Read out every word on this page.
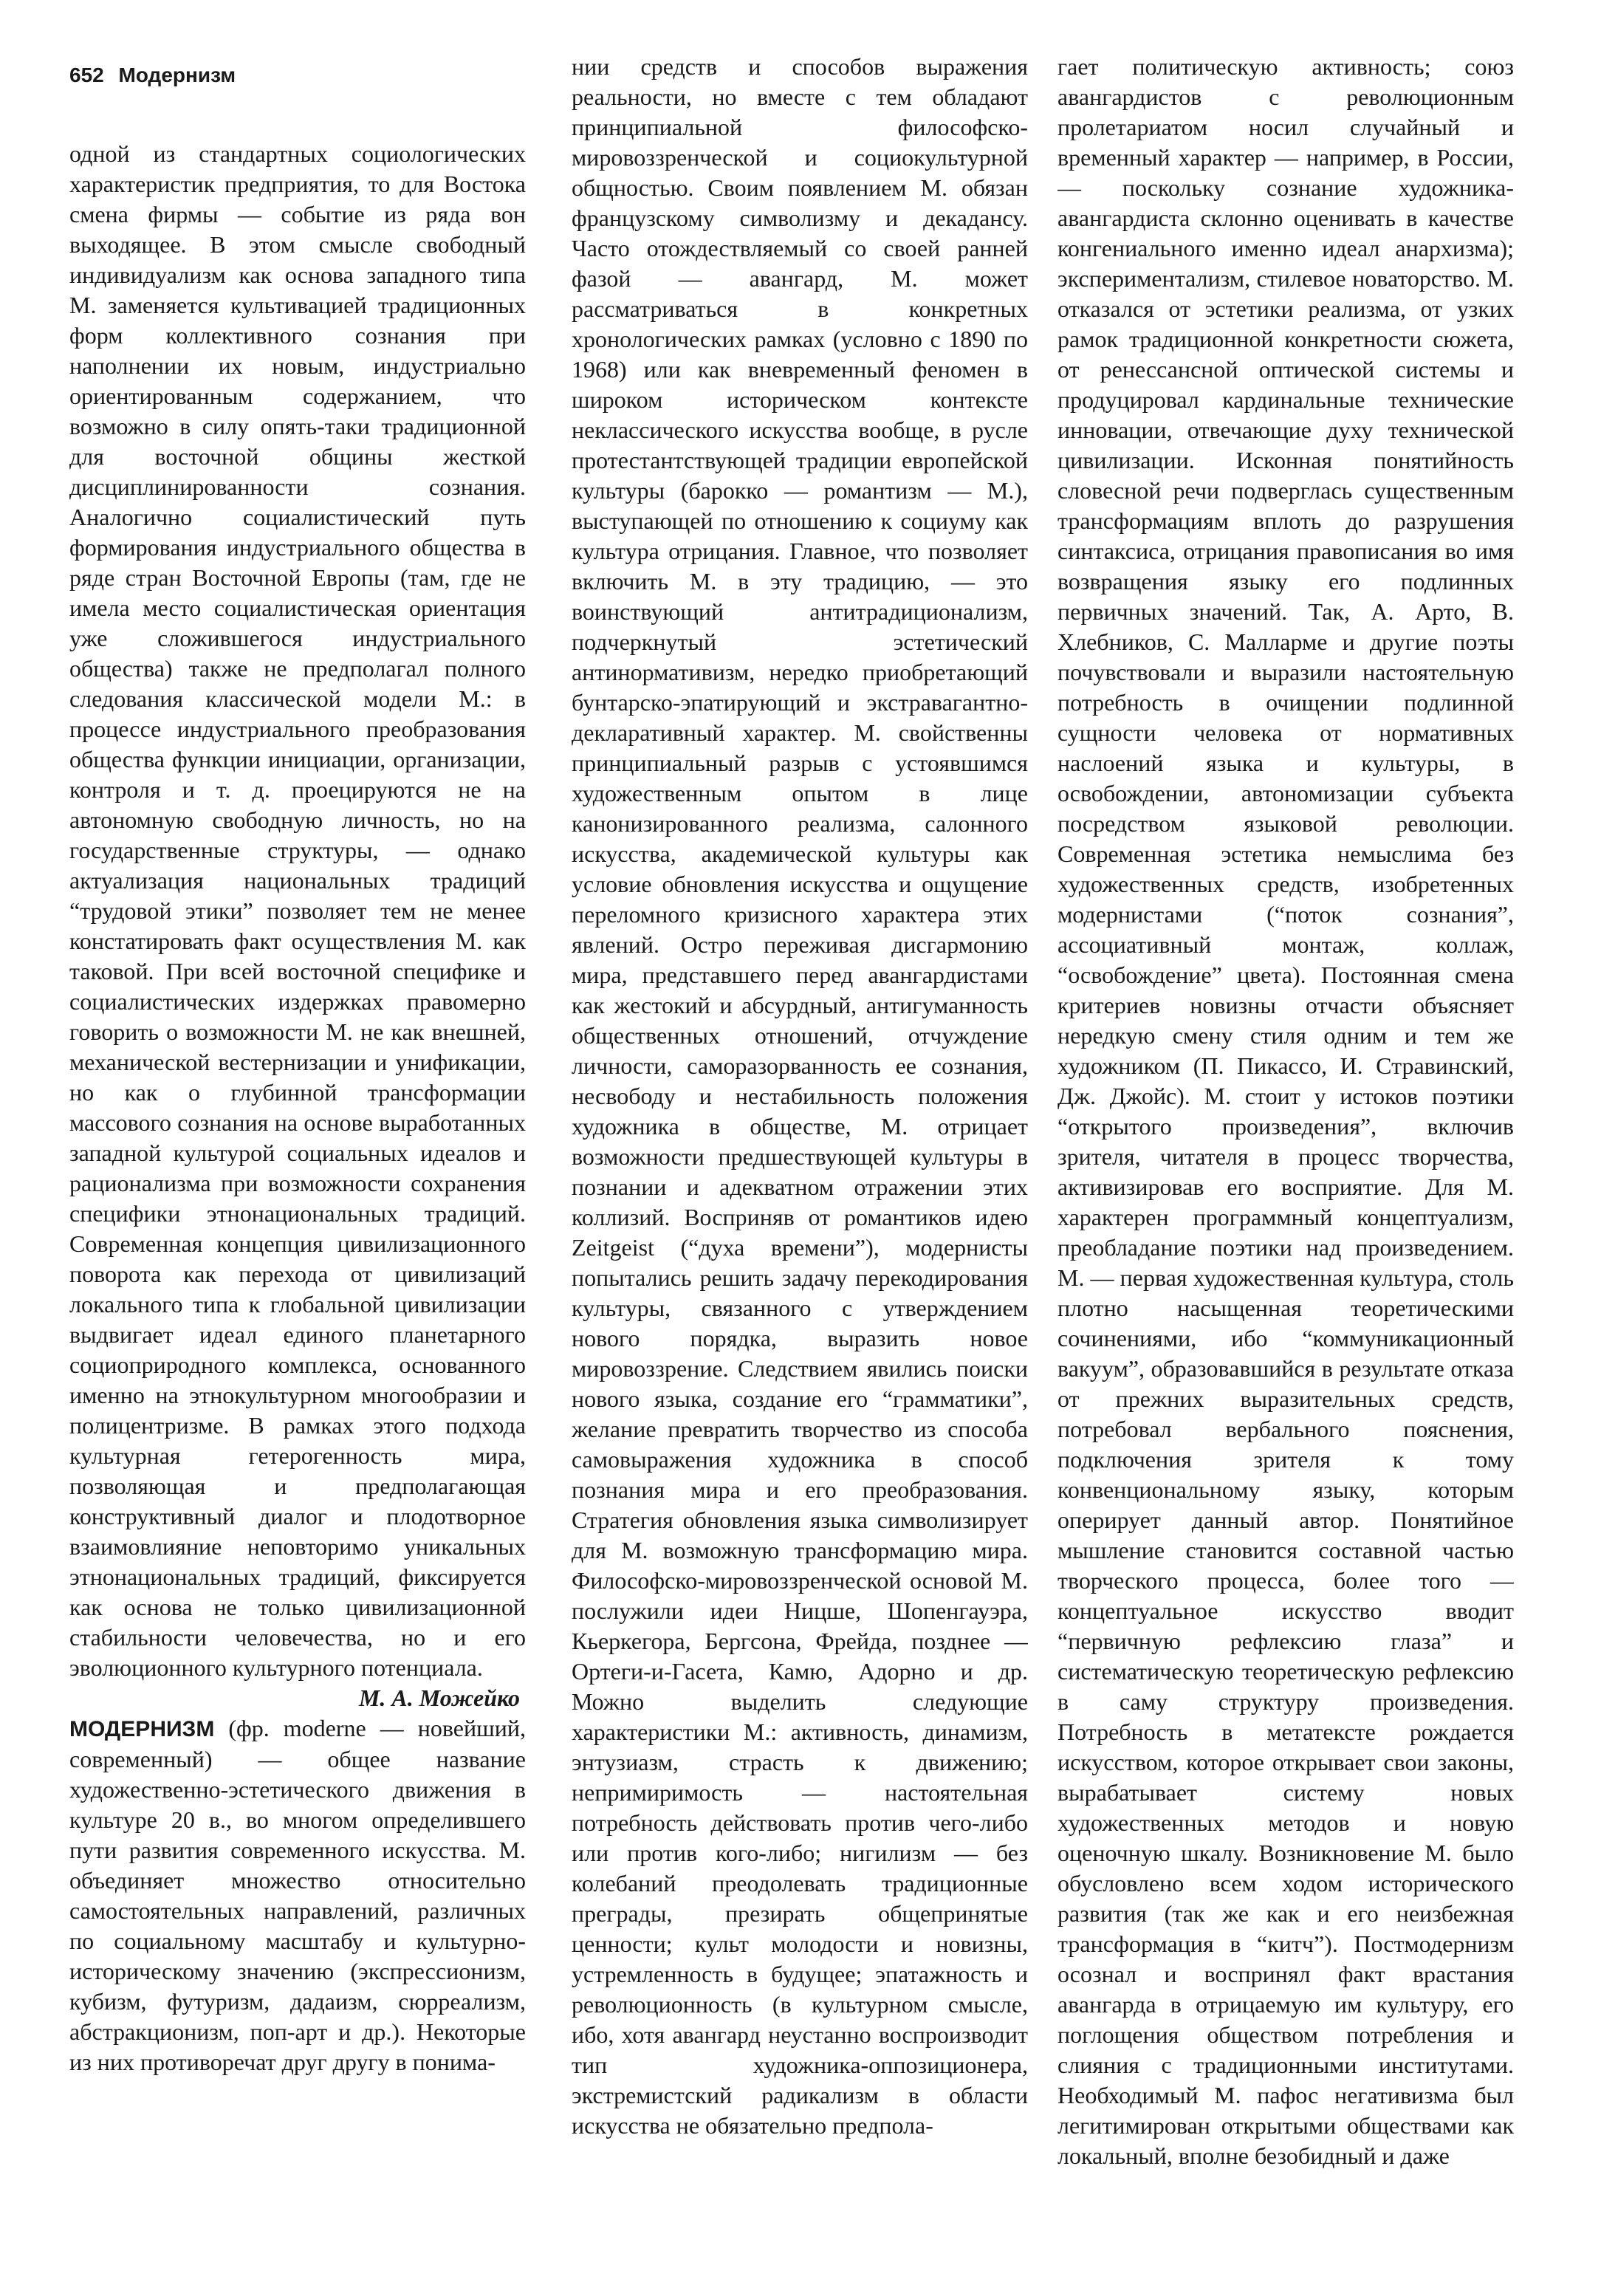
652 Модернизм

одной из стандартных социологических характеристик предприятия, то для Востока смена фирмы — событие из ряда вон выходящее. В этом смысле свободный индивидуализм как основа западного типа М. заменяется культивацией традиционных форм коллективного сознания при наполнении их новым, индустриально ориентированным содержанием, что возможно в силу опять-таки традиционной для восточной общины жесткой дисциплинированности сознания. Аналогично социалистический путь формирования индустриального общества в ряде стран Восточной Европы (там, где не имела место социалистическая ориентация уже сложившегося индустриального общества) также не предполагал полного следования классической модели М.: в процессе индустриального преобразования общества функции инициации, организации, контроля и т. д. проецируются не на автономную свободную личность, но на государственные структуры, — однако актуализация национальных традиций “трудовой этики” позволяет тем не менее констатировать факт осуществления М. как таковой. При всей восточной специфике и социалистических издержках правомерно говорить о возможности М. не как внешней, механической вестернизации и унификации, но как о глубинной трансформации массового сознания на основе выработанных западной культурой социальных идеалов и рационализма при возможности сохранения специфики этнонациональных традиций. Современная концепция цивилизационного поворота как перехода от цивилизаций локального типа к глобальной цивилизации выдвигает идеал единого планетарного социоприродного комплекса, основанного именно на этнокультурном многообразии и полицентризме. В рамках этого подхода культурная гетерогенность мира, позволяющая и предполагающая конструктивный диалог и плодотворное взаимовлияние неповторимо уникальных этнонациональных традиций, фиксируется как основа не только цивилизационной стабильности человечества, но и его эволюционного культурного потенциала.

М. А. Можейко

МОДЕРНИЗМ (фр. moderne — новейший, современный) — общее название художественно-эстетического движения в культуре 20 в., во многом определившего пути развития современного искусства. М. объединяет множество относительно самостоятельных направлений, различных по социальному масштабу и культурно-историческому значению (экспрессионизм, кубизм, футуризм, дадаизм, сюрреализм, абстракционизм, поп-арт и др.). Некоторые из них противоречат друг другу в понима-

нии средств и способов выражения реальности, но вместе с тем обладают принципиальной философско-мировоззренческой и социокультурной общностью. Своим появлением М. обязан французскому символизму и декадансу. Часто отождествляемый со своей ранней фазой — авангард, М. может рассматриваться в конкретных хронологических рамках (условно с 1890 по 1968) или как вневременный феномен в широком историческом контексте неклассического искусства вообще, в русле протестантствующей традиции европейской культуры (барокко — романтизм — М.), выступающей по отношению к социуму как культура отрицания. Главное, что позволяет включить М. в эту традицию, — это воинствующий антитрадиционализм, подчеркнутый эстетический антинормативизм, нередко приобретающий бунтарско-эпатирующий и экстравагантно-декларативный характер. М. свойственны принципиальный разрыв с устоявшимся художественным опытом в лице канонизированного реализма, салонного искусства, академической культуры как условие обновления искусства и ощущение переломного кризисного характера этих явлений. Остро переживая дисгармонию мира, представшего перед авангардистами как жестокий и абсурдный, антигуманность общественных отношений, отчуждение личности, саморазорванность ее сознания, несвободу и нестабильность положения художника в обществе, М. отрицает возможности предшествующей культуры в познании и адекватном отражении этих коллизий. Восприняв от романтиков идею Zeitgeist (“духа времени”), модернисты попытались решить задачу перекодирования культуры, связанного с утверждением нового порядка, выразить новое мировоззрение. Следствием явились поиски нового языка, создание его “грамматики”, желание превратить творчество из способа самовыражения художника в способ познания мира и его преобразования. Стратегия обновления языка символизирует для М. возможную трансформацию мира. Философско-мировоззренческой основой М. послужили идеи Ницше, Шопенгауэра, Кьеркегора, Бергсона, Фрейда, позднее — Ортеги-и-Гасета, Камю, Адорно и др. Можно выделить следующие характеристики М.: активность, динамизм, энтузиазм, страсть к движению; непримиримость — настоятельная потребность действовать против чего-либо или против кого-либо; нигилизм — без колебаний преодолевать традиционные преграды, презирать общепринятые ценности; культ молодости и новизны, устремленность в будущее; эпатажность и революционность (в культурном смысле, ибо, хотя авангард неустанно воспроизводит тип художника-оппозиционера, экстремистский радикализм в области искусства не обязательно предпола-

гает политическую активность; союз авангардистов с революционным пролетариатом носил случайный и временный характер — например, в России, — поскольку сознание художника-авангардиста склонно оценивать в качестве конгениального именно идеал анархизма); экспериментализм, стилевое новаторство. М. отказался от эстетики реализма, от узких рамок традиционной конкретности сюжета, от ренессансной оптической системы и продуцировал кардинальные технические инновации, отвечающие духу технической цивилизации. Исконная понятийность словесной речи подверглась существенным трансформациям вплоть до разрушения синтаксиса, отрицания правописания во имя возвращения языку его подлинных первичных значений. Так, А. Арто, В. Хлебников, С. Малларме и другие поэты почувствовали и выразили настоятельную потребность в очищении подлинной сущности человека от нормативных наслоений языка и культуры, в освобождении, автономизации субъекта посредством языковой революции. Современная эстетика немыслима без художественных средств, изобретенных модернистами (“поток сознания”, ассоциативный монтаж, коллаж, “освобождение” цвета). Постоянная смена критериев новизны отчасти объясняет нередкую смену стиля одним и тем же художником (П. Пикассо, И. Стравинский, Дж. Джойс). М. стоит у истоков поэтики “открытого произведения”, включив зрителя, читателя в процесс творчества, активизировав его восприятие. Для М. характерен программный концептуализм, преобладание поэтики над произведением. М. — первая художественная культура, столь плотно насыщенная теоретическими сочинениями, ибо “коммуникационный вакуум”, образовавшийся в результате отказа от прежних выразительных средств, потребовал вербального пояснения, подключения зрителя к тому конвенциональному языку, которым оперирует данный автор. Понятийное мышление становится составной частью творческого процесса, более того — концептуальное искусство вводит “первичную рефлексию глаза” и систематическую теоретическую рефлексию в саму структуру произведения. Потребность в метатексте рождается искусством, которое открывает свои законы, вырабатывает систему новых художественных методов и новую оценочную шкалу. Возникновение М. было обусловлено всем ходом исторического развития (так же как и его неизбежная трансформация в “китч”). Постмодернизм осознал и воспринял факт врастания авангарда в отрицаемую им культуру, его поглощения обществом потребления и слияния с традиционными институтами. Необходимый М. пафос негативизма был легитимирован открытыми обществами как локальный, вполне безобидный и даже
